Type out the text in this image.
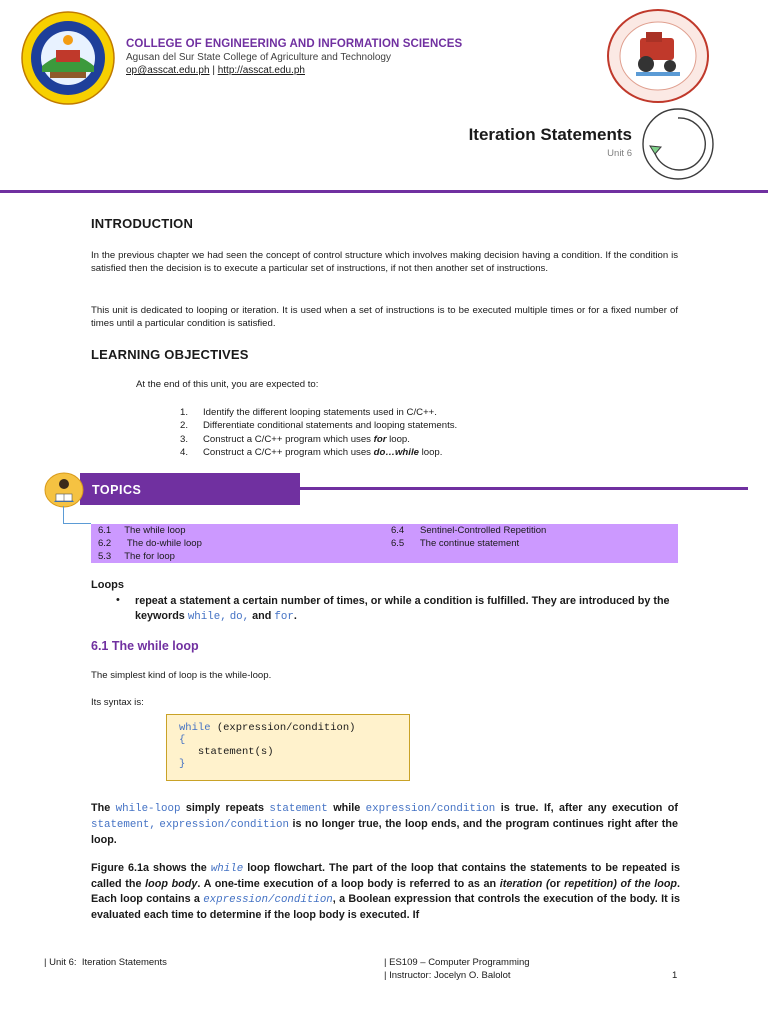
COLLEGE OF ENGINEERING AND INFORMATION SCIENCES
Agusan del Sur State College of Agriculture and Technology
op@asscat.edu.ph | http://asscat.edu.ph
Iteration Statements
Unit 6
INTRODUCTION
In the previous chapter we had seen the concept of control structure which involves making decision having a condition. If the condition is satisfied then the decision is to execute a particular set of instructions, if not then another set of instructions.
This unit is dedicated to looping or iteration. It is used when a set of instructions is to be executed multiple times or for a fixed number of times until a particular condition is satisfied.
LEARNING OBJECTIVES
At the end of this unit, you are expected to:
1. Identify the different looping statements used in C/C++.
2. Differentiate conditional statements and looping statements.
3. Construct a C/C++ program which uses for loop.
4. Construct a C/C++ program which uses do…while loop.
TOPICS
6.1     The while loop
6.2      The do-while loop
5.3     The for loop
6.4      Sentinel-Controlled Repetition
6.5      The continue statement
Loops
• repeat a statement a certain number of times, or while a condition is fulfilled. They are introduced by the keywords while, do, and for.
6.1 The while loop
The simplest kind of loop is the while-loop.
Its syntax is:
while (expression/condition)
{
statement(s)
}
The while-loop simply repeats statement while expression/condition is true. If, after any execution of statement, expression/condition is no longer true, the loop ends, and the program continues right after the loop.
Figure 6.1a shows the while loop flowchart. The part of the loop that contains the statements to be repeated is called the loop body. A one-time execution of a loop body is referred to as an iteration (or repetition) of the loop. Each loop contains a expression/condition, a Boolean expression that controls the execution of the body. It is evaluated each time to determine if the loop body is executed. If
| Unit 6:  Iteration Statements	| ES109 – Computer Programming
| Instructor: Jocelyn O. Balolot	1
